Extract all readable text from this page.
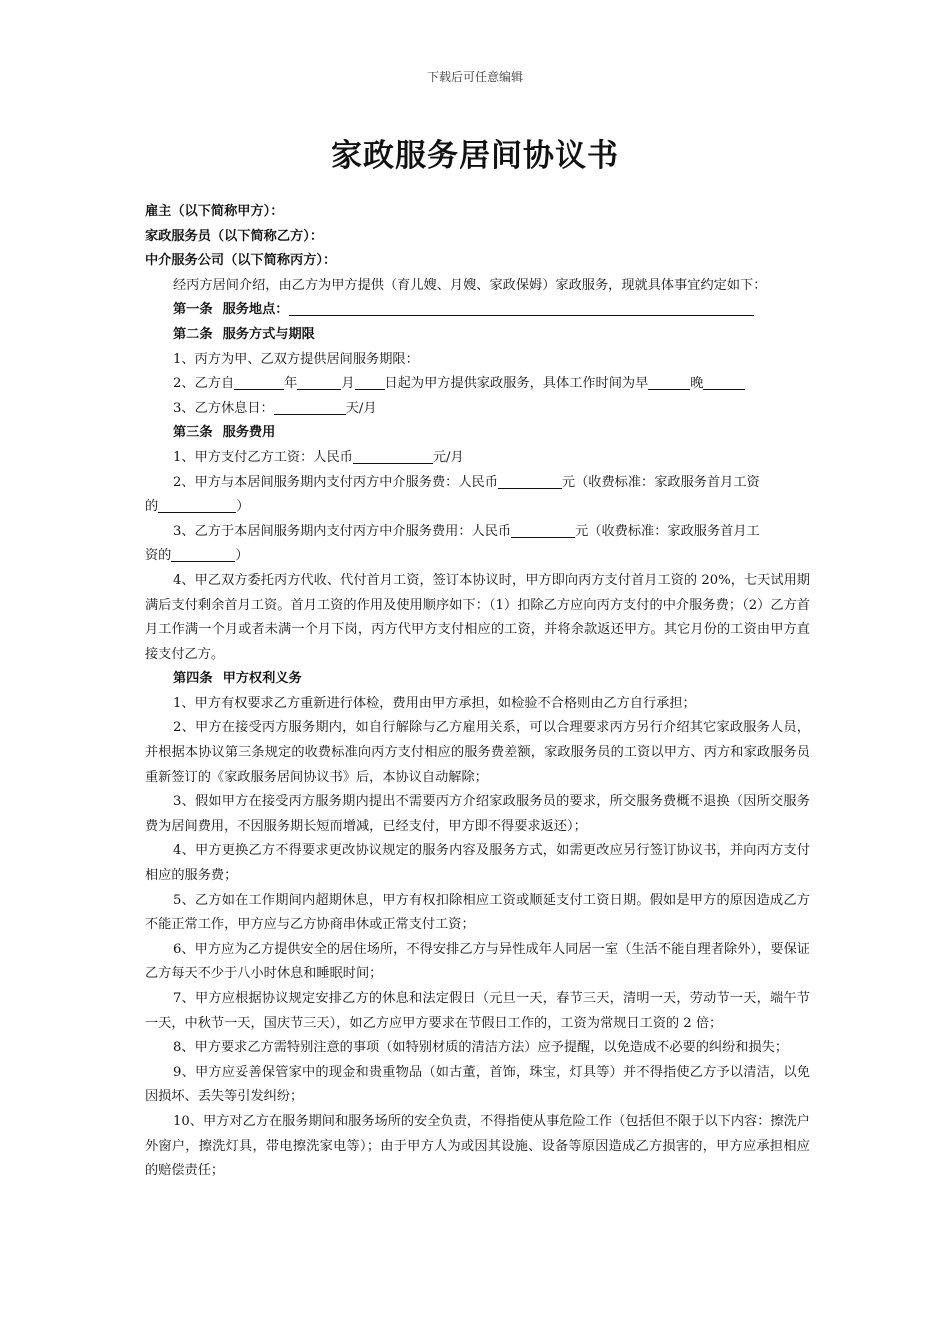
下载后可任意编辑
家政服务居间协议书
雇主（以下简称甲方）：
家政服务员（以下简称乙方）：
中介服务公司（以下简称丙方）：
经丙方居间介绍，由乙方为甲方提供（育儿嫂、月嫂、家政保姆）家政服务，现就具体事宜约定如下：
第一条 服务地点：
第二条 服务方式与期限
1、丙方为甲、乙双方提供居间服务期限：
2、乙方自	年	月 日起为甲方提供家政服务，具体工作时间为早	晚
3、乙方休息日：	天/月
第三条 服务费用
1、甲方支付乙方工资：人民币	元/月
2、甲方与本居间服务期内支付丙方中介服务费：人民币	元（收费标准：家政服务首月工资
的	）
3、乙方于本居间服务期内支付丙方中介服务费用：人民币	元（收费标准：家政服务首月工
资的	）
4、甲乙双方委托丙方代收、代付首月工资，签订本协议时，甲方即向丙方支付首月工资的 20%，七天试用期满后支付剩余首月工资。首月工资的作用及使用顺序如下：（1）扣除乙方应向丙方支付的中介服务费；（2）乙方首月工作满一个月或者未满一个月下岗，丙方代甲方支付相应的工资，并将余款返还甲方。其它月份的工资由甲方直接支付乙方。
第四条 甲方权利义务
1、甲方有权要求乙方重新进行体检，费用由甲方承担，如检验不合格则由乙方自行承担；
2、甲方在接受丙方服务期内，如自行解除与乙方雇用关系，可以合理要求丙方另行介绍其它家政服务人员，并根据本协议第三条规定的收费标准向丙方支付相应的服务费差额，家政服务员的工资以甲方、丙方和家政服务员重新签订的《家政服务居间协议书》后，本协议自动解除；
3、假如甲方在接受丙方服务期内提出不需要丙方介绍家政服务员的要求，所交服务费概不退换（因所交服务费为居间费用，不因服务期长短而增减，已经支付，甲方即不得要求返还）；
4、甲方更换乙方不得要求更改协议规定的服务内容及服务方式，如需更改应另行签订协议书，并向丙方支付相应的服务费；
5、乙方如在工作期间内超期休息，甲方有权扣除相应工资或顺延支付工资日期。假如是甲方的原因造成乙方不能正常工作，甲方应与乙方协商串休或正常支付工资；
6、甲方应为乙方提供安全的居住场所，不得安排乙方与异性成年人同居一室（生活不能自理者除外），要保证乙方每天不少于八小时休息和睡眠时间；
7、甲方应根据协议规定安排乙方的休息和法定假日（元旦一天，春节三天，清明一天，劳动节一天，端午节一天，中秋节一天，国庆节三天），如乙方应甲方要求在节假日工作的，工资为常规日工资的 2 倍；
8、甲方要求乙方需特别注意的事项（如特别材质的清洁方法）应予提醒，以免造成不必要的纠纷和损失；
9、甲方应妥善保管家中的现金和贵重物品（如古董，首饰，珠宝，灯具等）并不得指使乙方予以清洁，以免因损坏、丢失等引发纠纷；
10、甲方对乙方在服务期间和服务场所的安全负责，不得指使从事危险工作（包括但不限于以下内容：擦洗户外窗户，擦洗灯具，带电擦洗家电等）；由于甲方人为或因其设施、设备等原因造成乙方损害的，甲方应承担相应的赔偿责任；
